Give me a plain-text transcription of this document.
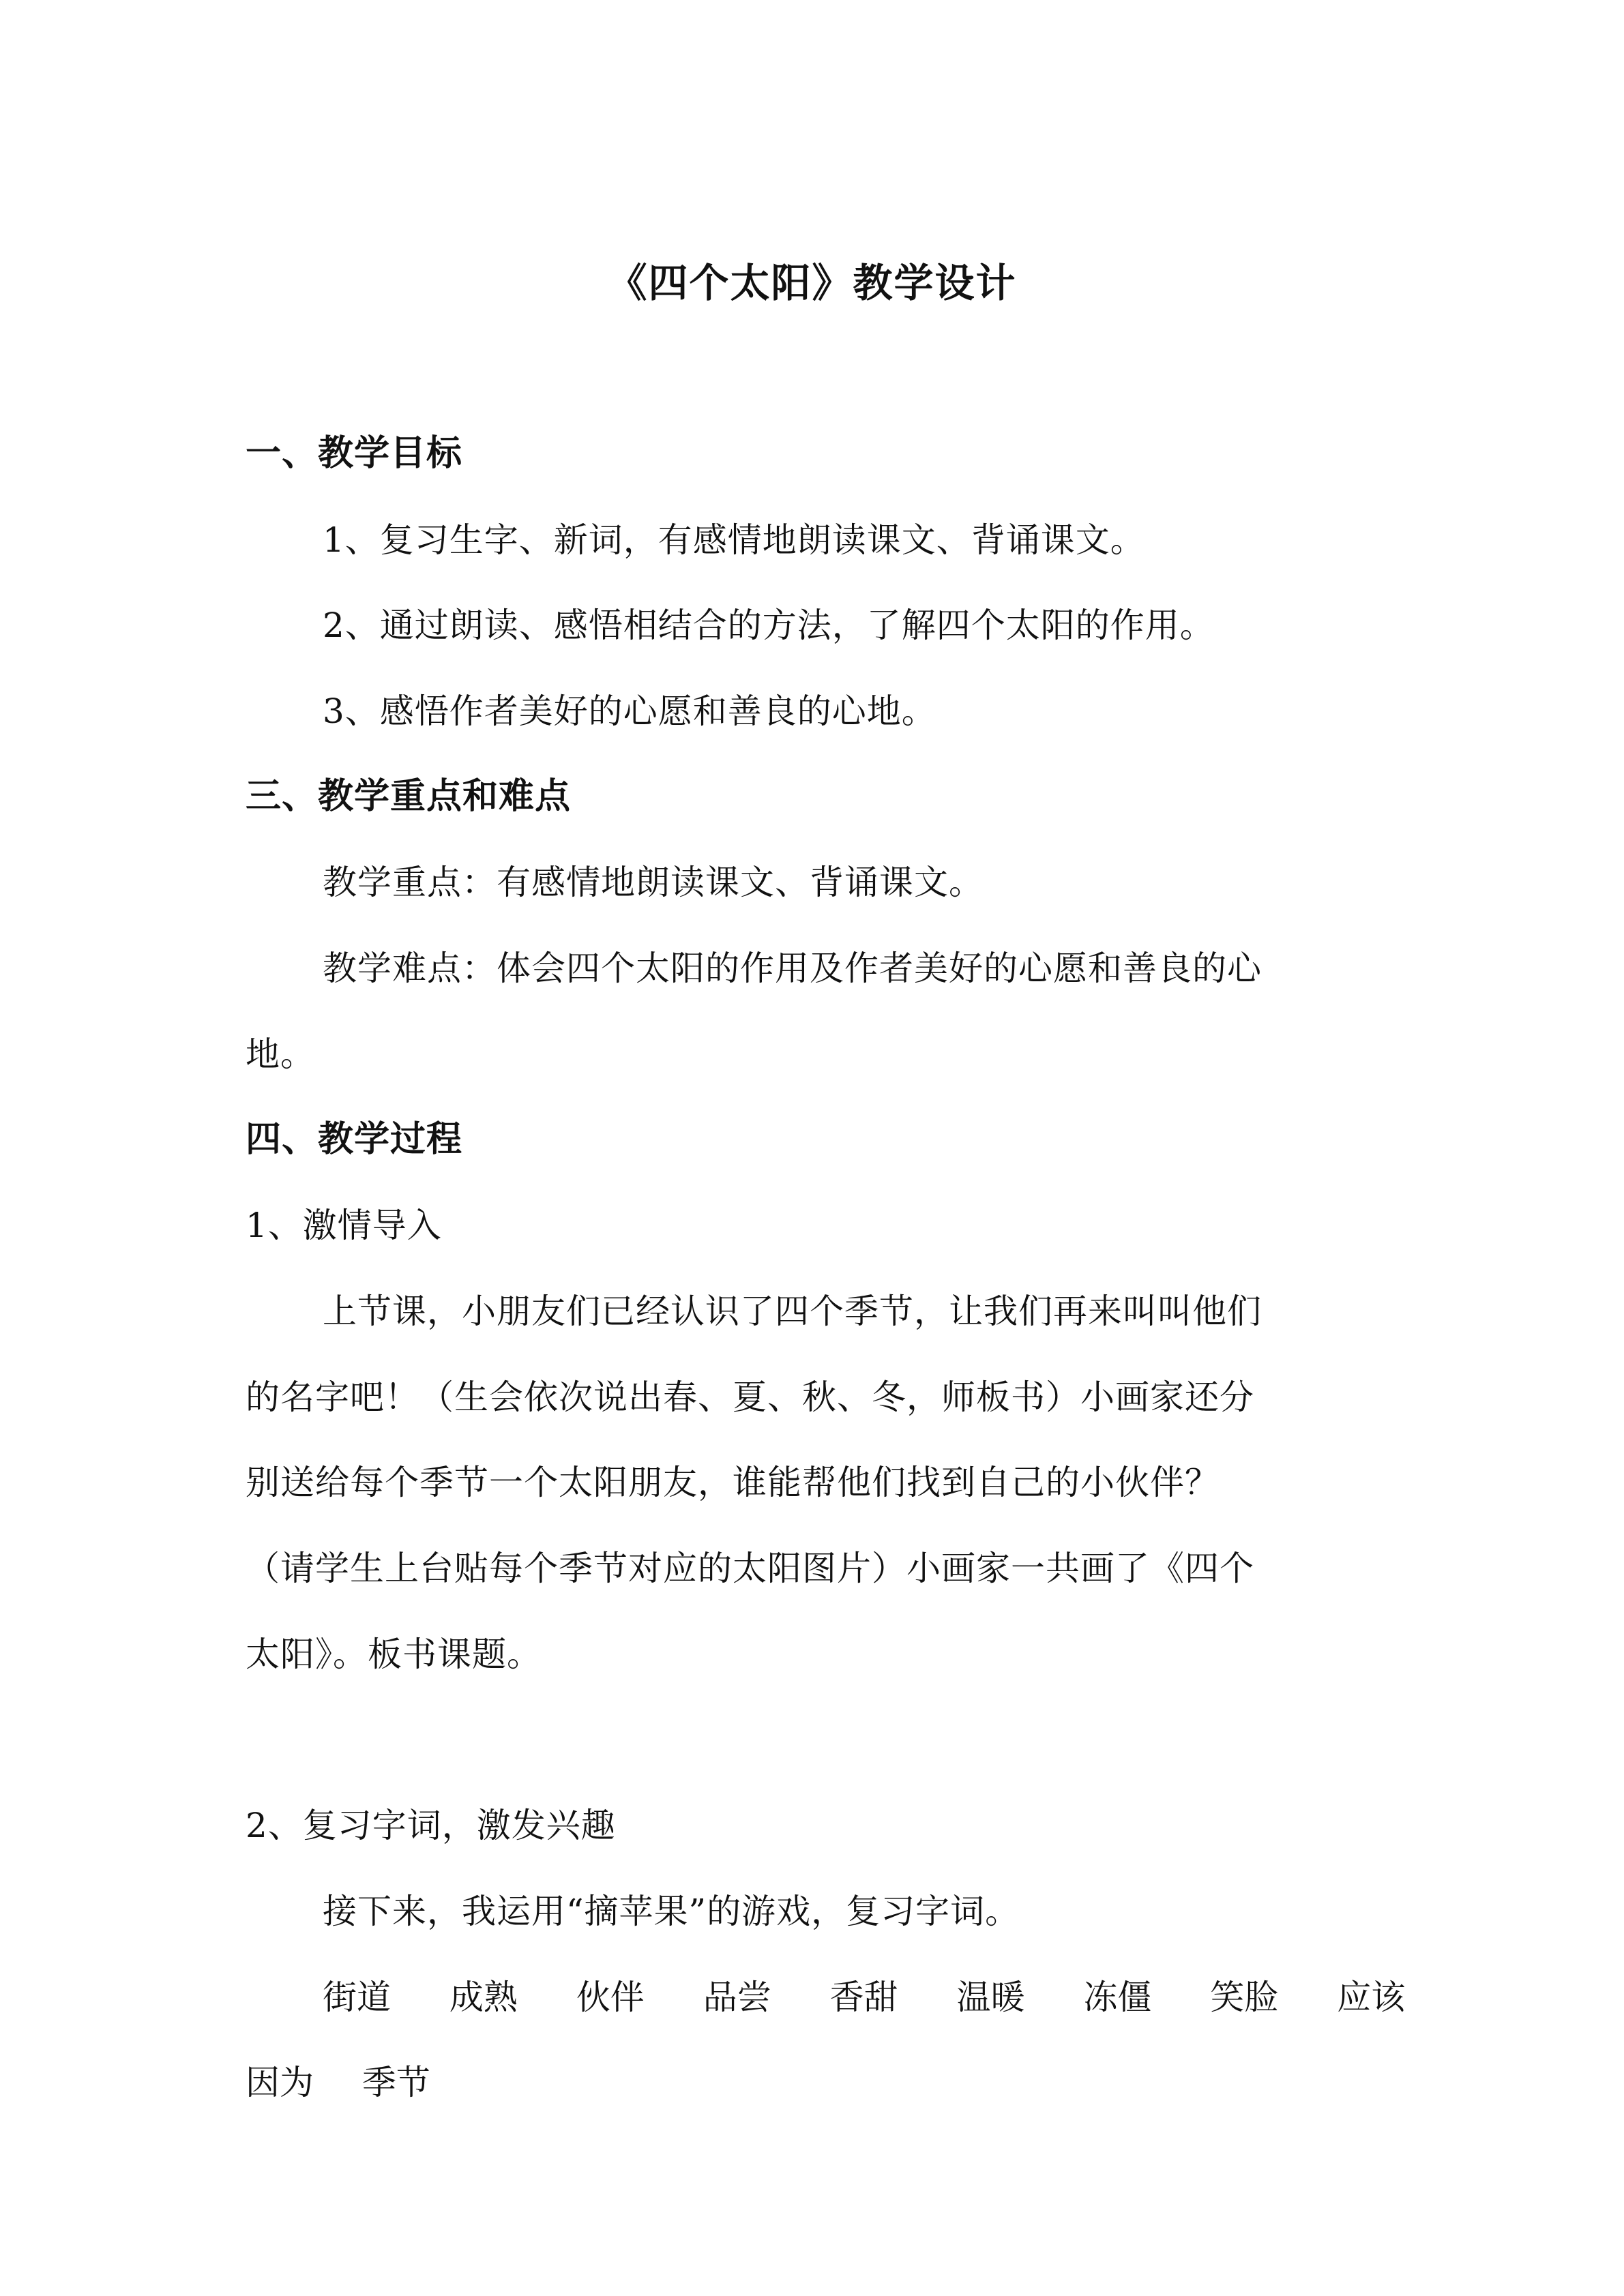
《四个太阳》教学设计
一、教学目标
1、复习生字、新词，有感情地朗读课文、背诵课文。
2、通过朗读、感悟相结合的方法，了解四个太阳的作用。
3、感悟作者美好的心愿和善良的心地。
三、教学重点和难点
教学重点：有感情地朗读课文、背诵课文。
教学难点：体会四个太阳的作用及作者美好的心愿和善良的心
地。
四、教学过程
1、激情导入
上节课，小朋友们已经认识了四个季节，让我们再来叫叫他们
的名字吧！（生会依次说出春、夏、秋、冬，师板书）小画家还分
别送给每个季节一个太阳朋友，谁能帮他们找到自己的小伙伴？
（请学生上台贴每个季节对应的太阳图片）小画家一共画了《四个
太阳》。板书课题。
2、复习字词，激发兴趣
接下来，我运用“摘苹果”的游戏，复习字词。
街道 成熟 伙伴 品尝 香甜 温暖 冻僵 笑脸 应该
因为 季节
